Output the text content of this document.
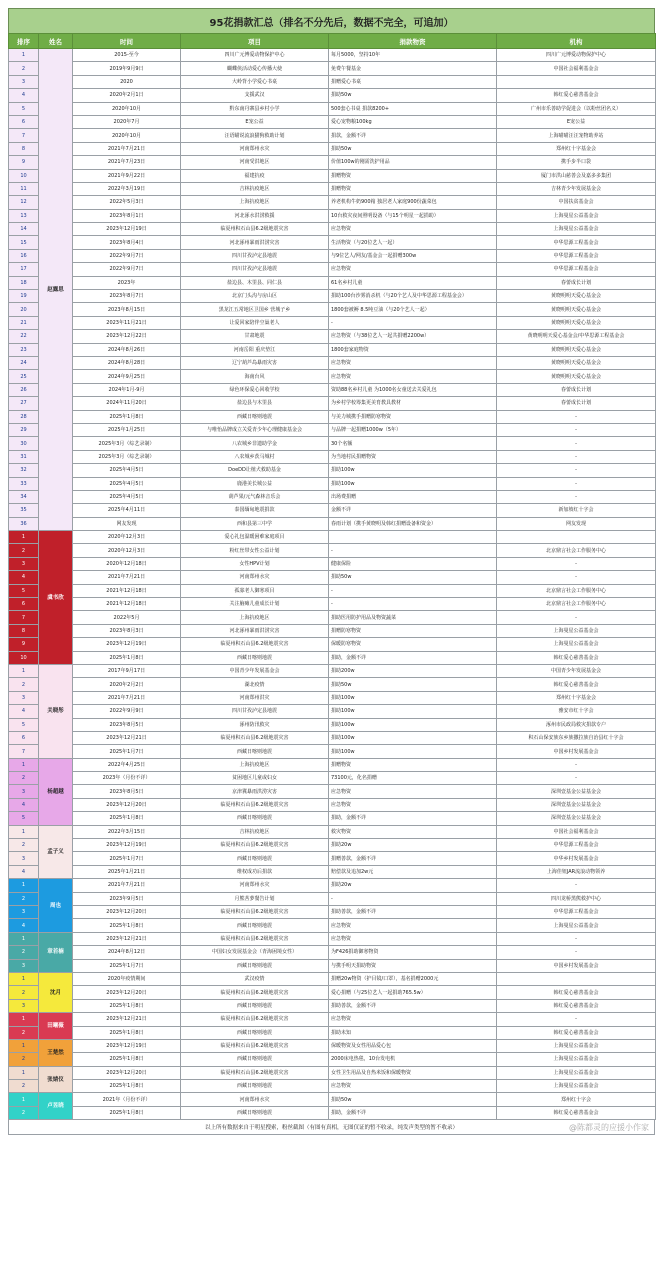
95花捐款汇总（排名不分先后，数据不完全，可追加）
排序	姓名	时间	项目	捐款物资	机构
1	赵露思	2015-至今	四川广元博爱动物保护中心	每月5000，坚持10年	四川广元博爱动物保护中心
2		2019年9月9日	蝴蝶侠活动爱心传播大使	免费午餐基金	中国社会福利基金会
3		2020	大岭背小学爱心书桌	捐赠爱心书桌	
4		2020年2月1日	支援武汉	捐助50w	韩红爱心慈善基金会
5		2020年10月	黔东南丹寨县乡村小学	500套心书桌 捐款8200+	广州市乐善助学促进会（以粉丝团名义）
6		2020年7月	E宠公益	爱心宠物粮100kg	E宠公益
7		2020年10月	汪语瞄说流浪猫狗救助计划	捐款，金额不详	上海喵喵汪汪宠物助养站
8		2021年7月21日	河南郑州水灾	捐助50w	郑州红十字基金会
9		2021年7月23日	河南受洪地区	价值100w的刚需洗护用品	携手步半口袋
10		2021年9月22日	福建抗疫	捐赠物资	厦门市洪山慈善会及嘉多多集团
11		2022年3月19日	吉林抗疫地区	捐赠物资	吉林青少年发展基金会
12		2022年5月3日	上海抗疫地区	养老机构牛奶900箱 独居老人家庭900份蔬菜包	中国扶贫基金会
13		2023年8月1日	河北涿水洪涝救援	10台救灾夜间照明设备（与15个明星一起捐助）	上海曼星公益基金会
14		2023年12月19日	临夏州积石山县6.2级地震灾害	应急物资	上海曼星公益基金会
15		2023年8月4日	河北涿州暴雨洪涝灾害	生活物资（与20位艺人一起）	中华思源工程基金会
16		2022年9月7日	四川甘孜泸定县地震	与9位艺人/网友/基金会一起捐赠300w	中华思源工程基金会
17		2022年9月7日	四川甘孜泸定县地震	应急物资	中华思源工程基金会
18		2023年	盐边县、木里县、同仁县	61名乡村儿童	春蕾成长计划
19		2023年8月7日	北京门头沟与房山区	捐助100台沙雾消杀机（与20个艺人及中华思源工程基金会）	黄晓明明天爱心基金会
20		2023年8月15日	黑龙江五常地区卫国乡 营城子乡	1800套被褥 8.5吨豆油（与20个艺人一起）	黄晓明明天爱心基金会
21		2023年11月21日	让爱回家陪伴空巢老人	-	黄晓明明天爱心基金会
22		2023年12月22日	甘肃地震	应急物资（与38位艺人一起共捐赠2200w）	黄晓明明天爱心基金会/中华思源工程基金会
23		2024年8月26日	河南岳阳 重庆垫江	1800套家庭物资	黄晓明明天爱心基金会
24		2024年8月28日	辽宁葫芦岛暴雨灾害	应急物资	黄晓明明天爱心基金会
25		2024年9月25日	海南台风	应急物资	黄晓明明天爱心基金会
26		2024年1月-9月	绿色环保爱心回收学校	资助88名乡村儿童 为1000名女童送去关爱礼包	春蕾成长计划
27		2024年11月20日	盐边县与木里县	为乡村学校筹集更美育教具教材	春蕾成长计划
28		2025年1月8日	西藏日喀则地震	与美力城携手捐赠防寒物资	-
29		2025年1月25日	与唯怡品牌成立关爱青少年心理健康基金会	与品牌一起捐赠1000w（5年）	-
30		2025年3月（综艺录制）	八农城乡非遗助学金	30个名额	-
31		2025年3月（综艺录制）	八农城乡茨马城村	为当地村民捐赠物资	-
32		2025年4月5日	DoeDD让植犬救助基金	捐助100w	-
33		2025年4月5日	鹿港美长城公益	捐助100w	-
34		2025年4月5日	葫芦果/元气森林音乐会	出场费捐赠	-
35		2025年4月11日	泰国缅甸地震捐款	金额不详	新加坡红十字会
36		网友发现	西和县第三中学	春雨计划（携手黄晓明及韩红捐赠设备和资金）	网友发现
1	虞书欣	2020年12月3日	爱心礼包温暖困难家庭项目		
2		2020年12月3日	粉红丝带女性公益计划	-	北京鼎言社会工作服务中心
3		2020年12月18日	女性HPV计划	健康保险	-
4		2021年7月21日	河南郑州水灾	捐助50w	-
5		2021年12月18日	孤寡老人御寒项目	-	北京鼎言社会工作服务中心
6		2021年12月18日	关注脑瘫儿童成长计划	-	北京鼎言社会工作服务中心
7		2022年5月	上海抗疫地区	捐助医用防护用品及物资蔬菜	-
8		2023年8月3日	河北涿州暴雨洪涝灾害	捐赠防寒物资	上海曼星公益基金会
9		2023年12月19日	临夏州积石山县6.2级地震灾害	保暖防寒物资	上海曼星公益基金会
10		2025年1月8日	西藏日喀则地震	捐助，金额不详	韩红爱心慈善基金会
1	关晓彤	2017年9月17日	中国青少年发展基金会	捐助200w	中国青少年发展基金会
2		2020年2月2日	湖北疫情	捐助50w	韩红爱心慈善基金会
3		2021年7月21日	河南郑州洪灾	捐助100w	郑州红十字基金会
4		2022年9月9日	四川甘孜泸定县地震	捐助100w	雅安市红十字会
5		2023年8月5日	涿州防汛救灾	捐助100w	涿州市民政局救灾捐款专户
6		2023年12月21日	临夏州积石山县6.2级地震灾害	捐助100w	积石山保安族东乡族撒拉族自治县红十字会
7		2025年1月7日	西藏日喀则地震	捐助100w	中国乡村发展基金会
1	杨超越	2022年4月25日	上海抗疫地区	捐赠物资	-
2		2023年（月份不详）	贫困地区儿童或妇女	73100元，化名捐赠	-
3		2023年8月5日	京津冀暴雨洪涝灾害	应急物资	深圳壹基金公益基金会
4		2023年12月20日	临夏州积石山县6.2级地震灾害	应急物资	深圳壹基金公益基金会
5		2025年1月8日	西藏日喀则地震	捐助，金额不详	深圳壹基金公益基金会
1	孟子义	2022年3月15日	吉林抗疫地区	救灾物资	中国社会福利基金会
2		2023年12月19日	临夏州积石山县6.2级地震灾害	捐助20w	中华思源工程基金会
3		2025年1月7日	西藏日喀则地震	捐赠善款，金额不详	中华乡村发展基金会
4		2025年1月21日	维权成功后捐款	赔偿款及追加2w元	上海佳妞JAR流浪动物领养
1	周也	2021年7月21日	河南郑州水灾	捐助20w	-
2		2023年9月5日	月熊菩萝餐告计划	-	四川龙桥黑熊救护中心
3		2023年12月20日	临夏州积石山县6.2级地震灾害	捐助善款，金额不详	中华思源工程基金会
4		2025年1月8日	西藏日喀则地震	应急物资	上海曼星公益基金会
1	章若楠	2023年12月21日	临夏州积石山县6.2级地震灾害	应急物资	-
2		2024年8月12日	中国妇女发展基金会（青海困境女性）	为F426捐助御寒物资	-
3		2025年1月7日	西藏日喀则地震	与携手明天捐助物资	中国乡村发展基金会
1	沈月	2020年疫情期间	武汉疫情	捐赠20w物资（护目镜/口罩），基名捐赠2000元	
2		2023年12月20日	临夏州积石山县6.2级地震灾害	爱心捐赠（与25位艺人一起捐助765.5w）	韩红爱心慈善基金会
3		2025年1月8日	西藏日喀则地震	捐助善款，金额不详	韩红爱心慈善基金会
1	田曦薇	2023年12月21日	临夏州积石山县6.2级地震灾害	应急物资	-
2		2025年1月8日	西藏日喀则地震	捐助未知	韩红爱心慈善基金会
1	王楚然	2023年12月19日	临夏州积石山县6.2级地震灾害	保暖物资及女性用品爱心包	上海曼星公益基金会
2		2025年1月8日	西藏日喀则地震	2000床电热毯，10台发电机	上海曼星公益基金会
1	张婧仪	2023年12月20日	临夏州积石山县6.2级地震灾害	女性卫生用品及自热米饭和保暖物资	上海曼星公益基金会
2		2025年1月8日	西藏日喀则地震	应急物资	上海曼星公益基金会
1	卢昱晓	2021年（月份不详）	河南郑州水灾	捐助50w	郑州红十字会
2		2025年1月8日	西藏日喀则地震	捐助，金额不详	韩红爱心慈善基金会
以上所有数据来自于明星搜索，粉丝截图（有图有真相，无图仅证的暂不收录，纯发声类型的暂不收录）	@陈都灵的应援小作家
